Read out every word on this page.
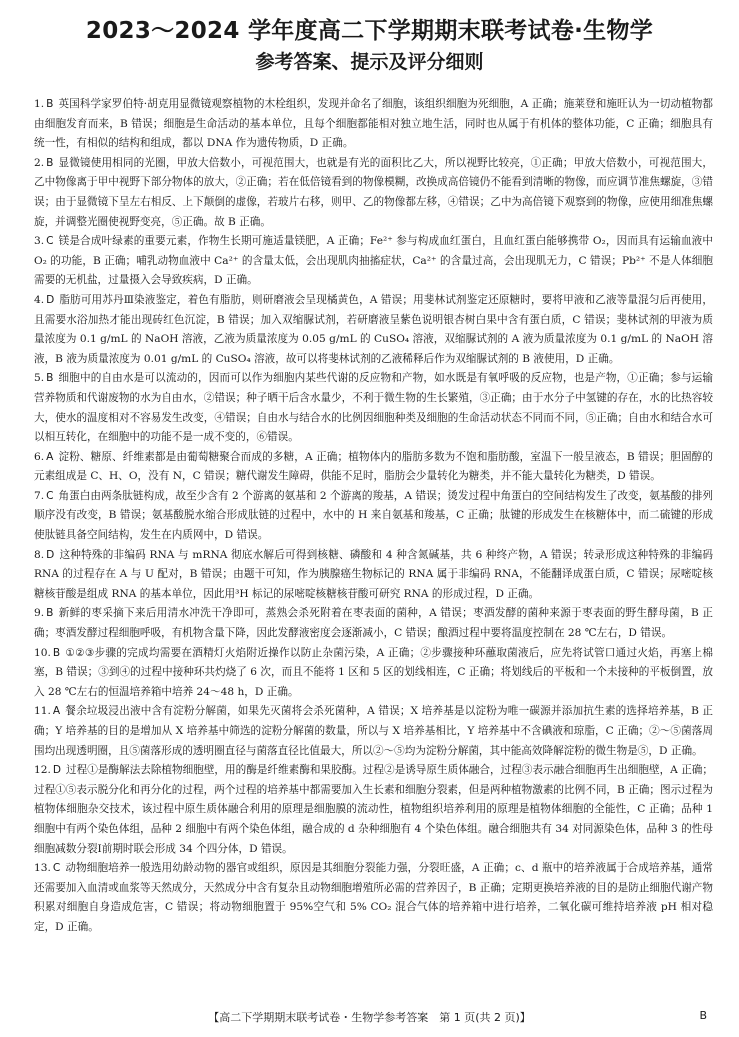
2023～2024 学年度高二下学期期末联考试卷·生物学
参考答案、提示及评分细则

1. B 英国科学家罗伯特·胡克用显微镜观察植物的木栓组织，发现并命名了细胞，该组织细胞为死细胞，A 正确；施莱登和施旺认为一切动植物都由细胞发育而来，B 错误；细胞是生命活动的基本单位，且每个细胞都能相对独立地生活，同时也从属于有机体的整体功能，C 正确；细胞具有统一性，有相似的结构和组成，都以 DNA 作为遗传物质，D 正确。

2. B 显微镜使用相同的光圈，甲放大倍数小，可视范围大，也就是有光的面积比乙大，所以视野比较亮，①正确；甲放大倍数小，可视范围大，乙中物像离于甲中视野下部分物体的放大，②正确；若在低倍镜看到的物像模糊，改换成高倍镜仍不能看到清晰的物像，而应调节准焦螺旋，③错误；由于显微镜下呈左右相反、上下颠倒的虚像，若玻片右移，则甲、乙的物像都左移，④错误；乙中为高倍镜下观察到的物像，应使用细准焦螺旋，并调整光圈使视野变亮，⑤正确。故 B 正确。

3. C 镁是合成叶绿素的重要元素，作物生长期可施适量镁肥，A 正确；Fe²⁺ 参与构成血红蛋白，且血红蛋白能够携带 O₂，因而具有运输血液中 O₂ 的功能，B 正确；哺乳动物血液中 Ca²⁺ 的含量太低，会出现肌肉抽搐症状，Ca²⁺ 的含量过高，会出现肌无力，C 错误；Pb²⁺ 不是人体细胞需要的无机盐，过量摄入会导致疾病，D 正确。

4. D 脂肪可用苏丹Ⅲ染液鉴定，着色有脂肪，则研磨液会呈现橘黄色，A 错误；用斐林试剂鉴定还原糖时，要将甲液和乙液等量混匀后再使用，且需要水浴加热才能出现砖红色沉淀，B 错误；加入双缩脲试剂，若研磨液呈紫色说明银杏树白果中含有蛋白质，C 错误；斐林试剂的甲液为质量浓度为 0.1 g/mL 的 NaOH 溶液，乙液为质量浓度为 0.05 g/mL 的 CuSO₄ 溶液，双缩脲试剂的 A 液为质量浓度为 0.1 g/mL 的 NaOH 溶液，B 液为质量浓度为 0.01 g/mL 的 CuSO₄ 溶液，故可以将斐林试剂的乙液稀释后作为双缩脲试剂的 B 液使用，D 正确。

5. B 细胞中的自由水是可以流动的，因而可以作为细胞内某些代谢的反应物和产物，如水既是有氧呼吸的反应物，也是产物，①正确；参与运输营养物质和代谢废物的水为自由水，②错误；种子晒干后含水量少，不利于微生物的生长繁殖，③正确；由于水分子中氢键的存在，水的比热容较大，使水的温度相对不容易发生改变，④错误；自由水与结合水的比例因细胞种类及细胞的生命活动状态不同而不同，⑤正确；自由水和结合水可以相互转化，在细胞中的功能不是一成不变的，⑥错误。

6. A 淀粉、糖原、纤维素都是由葡萄糖聚合而成的多糖，A 正确；植物体内的脂肪多数为不饱和脂肪酸，室温下一般呈液态，B 错误；胆固醇的元素组成是 C、H、O，没有 N，C 错误；糖代谢发生障碍，供能不足时，脂肪会少量转化为糖类，并不能大量转化为糖类，D 错误。

7. C 角蛋白由两条肽链构成，故至少含有 2 个游离的氨基和 2 个游离的羧基，A 错误；烫发过程中角蛋白的空间结构发生了改变，氨基酸的排列顺序没有改变，B 错误；氨基酸脱水缩合形成肽链的过程中，水中的 H 来自氨基和羧基，C 正确；肽键的形成发生在核糖体中，而二硫键的形成使肽链具备空间结构，发生在内质网中，D 错误。

8. D 这种特殊的非编码 RNA 与 mRNA 彻底水解后可得到核糖、磷酸和 4 种含氮碱基，共 6 种终产物，A 错误；转录形成这种特殊的非编码 RNA 的过程存在 A 与 U 配对，B 错误；由题干可知，作为胰腺癌生物标记的 RNA 属于非编码 RNA，不能翻译成蛋白质，C 错误；尿嘧啶核糖核苷酸是组成 RNA 的基本单位，因此用³H 标记的尿嘧啶核糖核苷酸可研究 RNA 的形成过程，D 正确。

9. B 新鲜的枣采摘下来后用清水冲洗干净即可，蒸熟会杀死附着在枣表面的菌种，A 错误；枣酒发酵的菌种来源于枣表面的野生酵母菌，B 正确；枣酒发酵过程细胞呼吸，有机物含量下降，因此发酵液密度会逐渐减小，C 错误；酿酒过程中要将温度控制在 28 ℃左右，D 错误。

10. B ①②③步骤的完成均需要在酒精灯火焰附近操作以防止杂菌污染，A 正确；②步骤接种环蘸取菌液后，应先将试管口通过火焰，再塞上棉塞，B 错误；③到④的过程中接种环共灼烧了 6 次，而且不能将 1 区和 5 区的划线相连，C 正确；将划线后的平板和一个未接种的平板倒置，放入 28 ℃左右的恒温培养箱中培养 24～48 h，D 正确。

11. A 餐余垃圾浸出液中含有淀粉分解菌，如果先灭菌将会杀死菌种，A 错误；X 培养基是以淀粉为唯一碳源并添加抗生素的选择培养基，B 正确；Y 培养基的目的是增加从 X 培养基中筛选的淀粉分解菌的数量，所以与 X 培养基相比，Y 培养基中不含碘液和琼脂，C 正确；②～⑤菌落周围均出现透明圈，且⑤菌落形成的透明圈直径与菌落直径比值最大，所以②～⑤均为淀粉分解菌，其中能高效降解淀粉的微生物是⑤，D 正确。

12. D 过程①是酶解法去除植物细胞壁，用的酶是纤维素酶和果胶酶。过程②是诱导原生质体融合，过程③表示融合细胞再生出细胞壁，A 正确；过程①⑤表示脱分化和再分化的过程，两个过程的培养基中都需要加入生长素和细胞分裂素，但是两种植物激素的比例不同，B 正确；图示过程为植物体细胞杂交技术，该过程中原生质体融合利用的原理是细胞膜的流动性，植物组织培养利用的原理是植物体细胞的全能性，C 正确；品种 1 细胞中有两个染色体组，品种 2 细胞中有两个染色体组，融合成的 d 杂种细胞有 4 个染色体组。融合细胞共有 34 对同源染色体，品种 3 的性母细胞减数分裂Ⅰ前期时联会形成 34 个四分体，D 错误。

13. C 动物细胞培养一般选用幼龄动物的器官或组织，原因是其细胞分裂能力强，分裂旺盛，A 正确；c、d 瓶中的培养液属于合成培养基，通常还需要加入血清或血浆等天然成分，天然成分中含有复杂且动物细胞增殖所必需的营养因子，B 正确；定期更换培养液的目的是防止细胞代谢产物积累对细胞自身造成危害，C 错误；将动物细胞置于 95%空气和 5% CO₂ 混合气体的培养箱中进行培养，二氧化碳可维持培养液 pH 相对稳定，D 正确。

【高二下学期期末联考试卷・生物学参考答案　第 1 页(共 2 页)】	B
